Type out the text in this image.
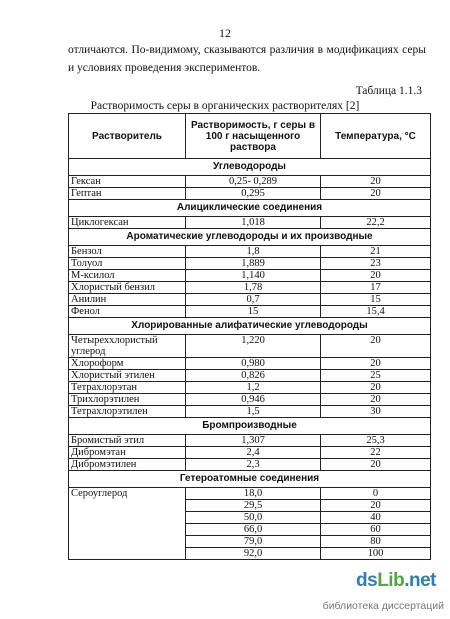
12
отличаются. По-видимому, сказываются различия в модификациях серы и условиях проведения экспериментов.
Таблица 1.1.3
Растворимость серы в органических растворителях [2]
Растворитель	Растворимость, г серы в 100 г насыщенного раствора	Температура, °C
Углеводороды		
Гексан	0,25- 0,289	20
Гептан	0,295	20
Алициклические соединения		
Циклогексан	1,018	22,2
Ароматические углеводороды и их производные		
Бензол	1,8	21
Толуол	1,889	23
М-ксилол	1,140	20
Хлористый бензил	1,78	17
Анилин	0,7	15
Фенол	15	15,4
Хлорированные алифатические углеводороды		
Четыреххлористый углерод	1,220	20
Хлороформ	0,980	20
Хлористый этилен	0,826	25
Тетрахлорэтан	1,2	20
Трихлорэтилен	0,946	20
Тетрахлорэтилен	1,5	30
Бромпроизводные		
Бромистый этил	1,307	25,3
Дибромэтан	2,4	22
Дибромэтилен	2,3	20
Гетероатомные соединения		
Сероуглерод	18,0	0
	29,5	20
	50,0	40
	66,0	60
	79,0	80
	92,0	100
dsLib.net
библиотека диссертаций
